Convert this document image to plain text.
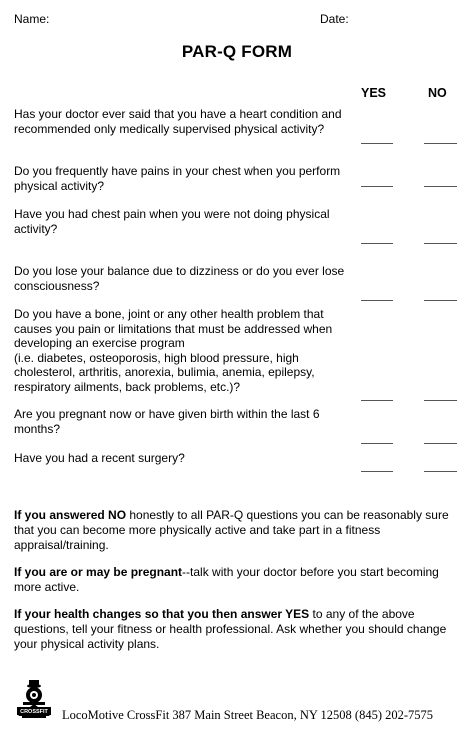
Name:	Date:
PAR-Q FORM
YES	NO
Has your doctor ever said that you have a heart condition and recommended only medically supervised physical activity?
Do you frequently have pains in your chest when you perform physical activity?
Have you had chest pain when you were not doing physical activity?
Do you lose your balance due to dizziness or do you ever lose consciousness?
Do you have a bone, joint or any other health problem that causes you pain or limitations that must be addressed when developing an exercise program
(i.e. diabetes, osteoporosis, high blood pressure, high cholesterol, arthritis, anorexia, bulimia, anemia, epilepsy, respiratory ailments, back problems, etc.)?
Are you pregnant now or have given birth within the last 6 months?
Have you had a recent surgery?
If you answered NO honestly to all PAR-Q questions you can be reasonably sure that you can become more physically active and take part in a fitness appraisal/training.
If you are or may be pregnant--talk with your doctor before you start becoming more active.
If your health changes so that you then answer YES to any of the above questions, tell your fitness or health professional. Ask whether you should change your physical activity plans.
CROSSFIT LocoMotive CrossFit 387 Main Street Beacon, NY 12508 (845) 202-7575
